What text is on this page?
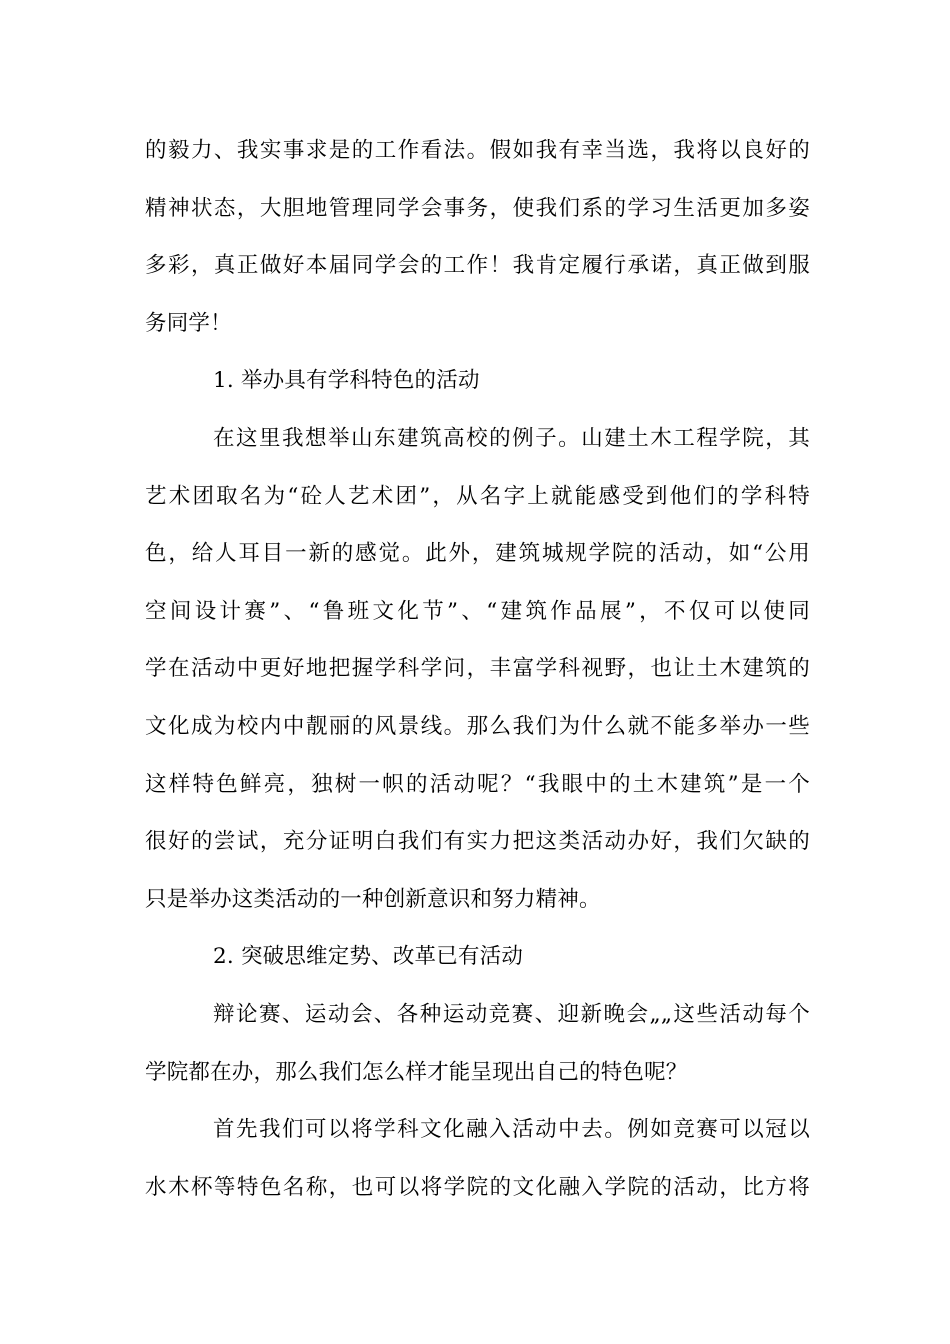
的毅力、我实事求是的工作看法。假如我有幸当选，我将以良好的
精神状态，大胆地管理同学会事务，使我们系的学习生活更加多姿
多彩，真正做好本届同学会的工作！我肯定履行承诺，真正做到服
务同学！
1. 举办具有学科特色的活动
在这里我想举山东建筑高校的例子。山建土木工程学院，其
艺术团取名为“砼人艺术团”，从名字上就能感受到他们的学科特
色，给人耳目一新的感觉。此外，建筑城规学院的活动，如“公用
空间设计赛”、“鲁班文化节”、“建筑作品展”，不仅可以使同
学在活动中更好地把握学科学问，丰富学科视野，也让土木建筑的
文化成为校内中靓丽的风景线。那么我们为什么就不能多举办一些
这样特色鲜亮，独树一帜的活动呢？“我眼中的土木建筑”是一个
很好的尝试，充分证明白我们有实力把这类活动办好，我们欠缺的
只是举办这类活动的一种创新意识和努力精神。
2. 突破思维定势、改革已有活动
辩论赛、运动会、各种运动竞赛、迎新晚会„„这些活动每个
学院都在办，那么我们怎么样才能呈现出自己的特色呢？
首先我们可以将学科文化融入活动中去。例如竞赛可以冠以
水木杯等特色名称，也可以将学院的文化融入学院的活动，比方将
